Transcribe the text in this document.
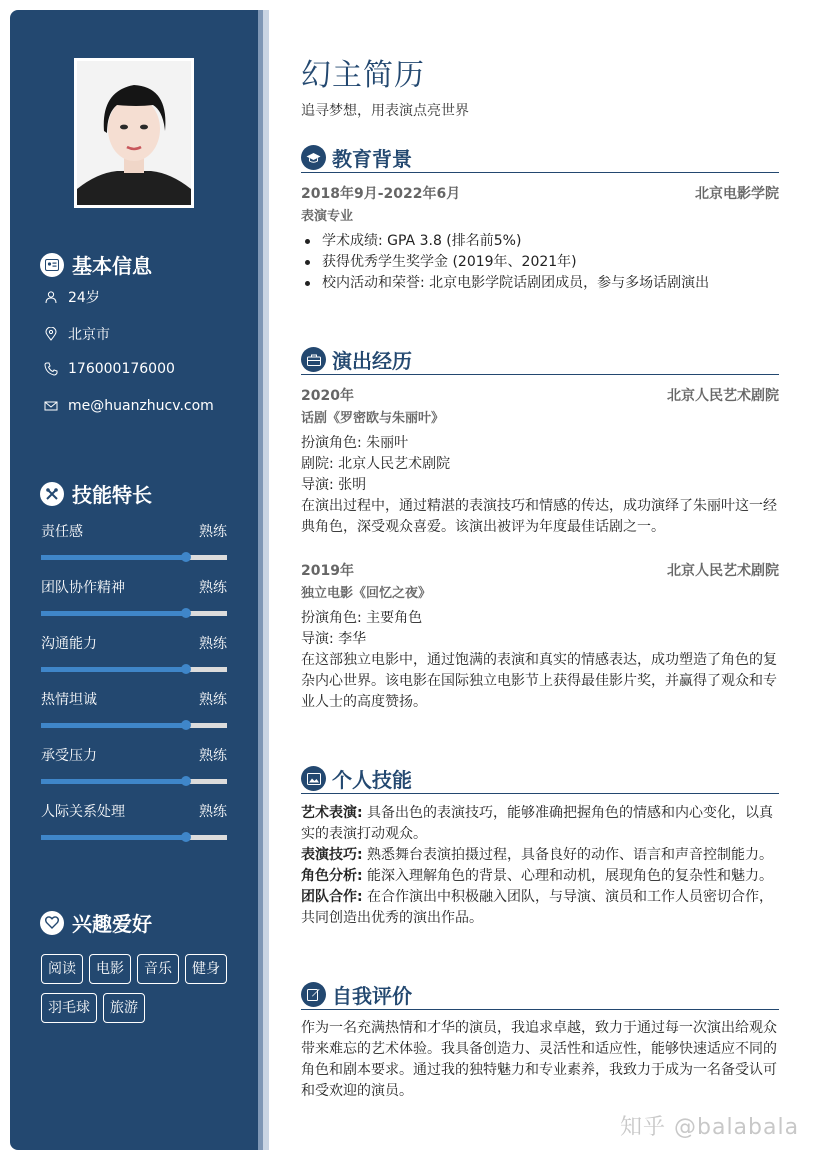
基本信息
24岁
北京市
176000176000
me@huanzhucv.com
技能特长
责任感	熟练
团队协作精神	熟练
沟通能力	熟练
热情坦诚	熟练
承受压力	熟练
人际关系处理	熟练
兴趣爱好
阅读	电影	音乐	健身
羽毛球	旅游
幻主简历
追寻梦想，用表演点亮世界
教育背景
2018年9月-2022年6月	北京电影学院
表演专业
学术成绩: GPA 3.8 (排名前5%)
获得优秀学生奖学金 (2019年、2021年)
校内活动和荣誉: 北京电影学院话剧团成员，参与多场话剧演出
演出经历
2020年	北京人民艺术剧院
话剧《罗密欧与朱丽叶》
扮演角色: 朱丽叶
剧院: 北京人民艺术剧院
导演: 张明
在演出过程中，通过精湛的表演技巧和情感的传达，成功演绎了朱丽叶这一经典角色，深受观众喜爱。该演出被评为年度最佳话剧之一。
2019年	北京人民艺术剧院
独立电影《回忆之夜》
扮演角色: 主要角色
导演: 李华
在这部独立电影中，通过饱满的表演和真实的情感表达，成功塑造了角色的复杂内心世界。该电影在国际独立电影节上获得最佳影片奖，并赢得了观众和专业人士的高度赞扬。
个人技能
艺术表演: 具备出色的表演技巧，能够准确把握角色的情感和内心变化，以真实的表演打动观众。
表演技巧: 熟悉舞台表演拍摄过程，具备良好的动作、语言和声音控制能力。
角色分析: 能深入理解角色的背景、心理和动机，展现角色的复杂性和魅力。
团队合作: 在合作演出中积极融入团队，与导演、演员和工作人员密切合作，共同创造出优秀的演出作品。
自我评价
作为一名充满热情和才华的演员，我追求卓越，致力于通过每一次演出给观众带来难忘的艺术体验。我具备创造力、灵活性和适应性，能够快速适应不同的角色和剧本要求。通过我的独特魅力和专业素养，我致力于成为一名备受认可和受欢迎的演员。
知乎 @balabala
